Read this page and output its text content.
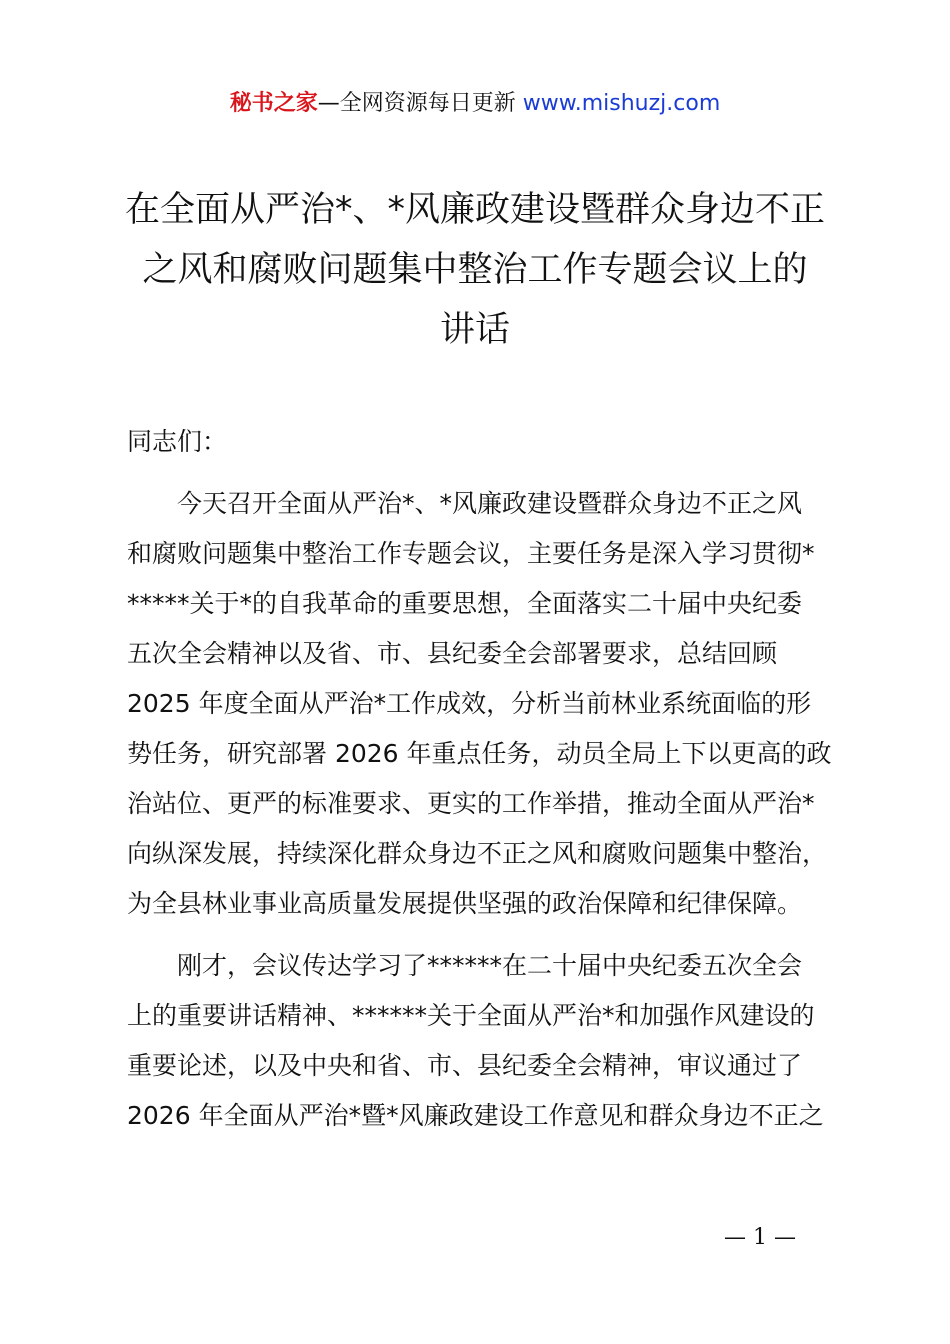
秘书之家—全网资源每日更新 www.mishuzj.com
在全面从严治*、*风廉政建设暨群众身边不正
之风和腐败问题集中整治工作专题会议上的
讲话
同志们：
今天召开全面从严治*、*风廉政建设暨群众身边不正之风
和腐败问题集中整治工作专题会议，主要任务是深入学习贯彻*
*****关于*的自我革命的重要思想，全面落实二十届中央纪委
五次全会精神以及省、市、县纪委全会部署要求，总结回顾
2025 年度全面从严治*工作成效，分析当前林业系统面临的形
势任务，研究部署 2026 年重点任务，动员全局上下以更高的政
治站位、更严的标准要求、更实的工作举措，推动全面从严治*
向纵深发展，持续深化群众身边不正之风和腐败问题集中整治，
为全县林业事业高质量发展提供坚强的政治保障和纪律保障。
刚才，会议传达学习了******在二十届中央纪委五次全会
上的重要讲话精神、******关于全面从严治*和加强作风建设的
重要论述，以及中央和省、市、县纪委全会精神，审议通过了
2026 年全面从严治*暨*风廉政建设工作意见和群众身边不正之
— 1 —
